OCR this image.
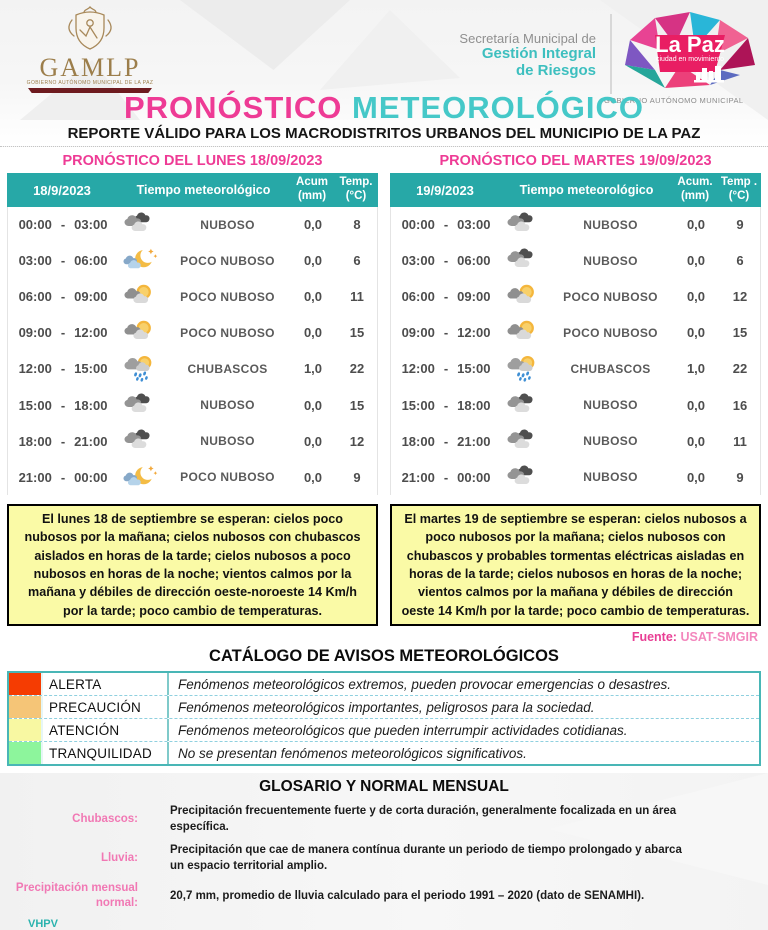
GAMLP
GOBIERNO AUTÓNOMO MUNICIPAL DE LA PAZ
Secretaría Municipal de
Gestión Integral
de Riesgos
La Paz
ciudad en movimiento
GOBIERNO AUTÓNOMO MUNICIPAL
PRONÓSTICO METEOROLÓGICO
REPORTE VÁLIDO PARA LOS MACRODISTRITOS URBANOS DEL MUNICIPIO DE LA PAZ
PRONÓSTICO DEL LUNES 18/09/2023
18/9/2023	Tiempo meteorológico
Acum
(mm)
Temp.
(°C)
00:00 - 03:00	NUBOSO	0,0	8
03:00 - 06:00	POCO NUBOSO	0,0	6
06:00 - 09:00	POCO NUBOSO	0,0	11
09:00 - 12:00	POCO NUBOSO	0,0	15
12:00 - 15:00	CHUBASCOS	1,0	22
15:00 - 18:00	NUBOSO	0,0	15
18:00 - 21:00	NUBOSO	0,0	12
21:00 - 00:00	POCO NUBOSO	0,0	9
El lunes 18 de septiembre se esperan: cielos poco nubosos por la mañana; cielos nubosos con chubascos aislados en horas de la tarde; cielos nubosos a poco nubosos en horas de la noche; vientos calmos por la mañana y débiles de dirección oeste-noroeste 14 Km/h por la tarde; poco cambio de temperaturas.
PRONÓSTICO DEL MARTES 19/09/2023
19/9/2023	Tiempo meteorológico
Acum.
(mm)
Temp .
(°C)
00:00 - 03:00	NUBOSO	0,0	9
03:00 - 06:00	NUBOSO	0,0	6
06:00 - 09:00	POCO NUBOSO	0,0	12
09:00 - 12:00	POCO NUBOSO	0,0	15
12:00 - 15:00	CHUBASCOS	1,0	22
15:00 - 18:00	NUBOSO	0,0	16
18:00 - 21:00	NUBOSO	0,0	11
21:00 - 00:00	NUBOSO	0,0	9
El martes 19 de septiembre se esperan: cielos nubosos a poco nubosos por la mañana; cielos nubosos con chubascos y probables tormentas eléctricas aisladas en horas de la tarde; cielos nubosos en horas de la noche; vientos calmos por la mañana y débiles de dirección oeste 14 Km/h por la tarde; poco cambio de temperaturas.
Fuente: USAT-SMGIR
CATÁLOGO DE AVISOS METEOROLÓGICOS
ALERTA	Fenómenos meteorológicos extremos, pueden provocar emergencias o desastres.
PRECAUCIÓN	Fenómenos meteorológicos importantes, peligrosos para la sociedad.
ATENCIÓN	Fenómenos meteorológicos que pueden interrumpir actividades cotidianas.
TRANQUILIDAD	No se presentan fenómenos meteorológicos significativos.
GLOSARIO Y NORMAL MENSUAL
Chubascos:
Precipitación frecuentemente fuerte y de corta duración, generalmente focalizada en un área específica.
Lluvia:
Precipitación que cae de manera contínua durante un periodo de tiempo prolongado y abarca un espacio territorial amplio.
Precipitación mensual normal:
20,7 mm, promedio de lluvia calculado para el periodo 1991 – 2020 (dato de SENAMHI).
VHPV
